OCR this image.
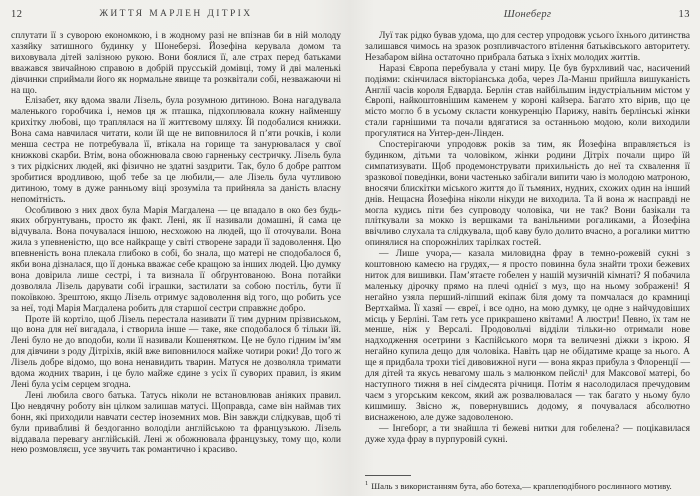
12	ЖИТТЯ МАРЛЕН ДІТРІХ

сплутати її з суворою економкою, і в жодному разі не впізнав би в ній молоду хазяйку затишного будинку у Шонеберзі. Йозефіна керувала домом та виховувала дітей залізною рукою. Вони боялися її, але страх перед батьками вважався звичайною справою в добрій прусській домівці, тому й дві маленькі дівчинки сприймали його як нормальне явище та розквітали собі, незважаючи ні на що.

Елізабет, яку вдома звали Лізель, була розумною дитиною. Вона нагадувала маленького горобчика і, немов ця ж пташка, підхоплювала кожну найменшу крихітку любові, що траплялася на її життєвому шляху. Їй подобалися книжки. Вона сама навчилася читати, коли їй ще не виповнилося й п’яти рочків, і коли менша сестра не потребувала її, втікала на горище та занурювалася у свої книжкові скарби. Втім, вона обожнювала свою гарненьку сестричку. Лізель була з тих рідкісних людей, які фізично не здатні заздрити. Так, було б добре раптом зробитися вродливою, щоб тебе за це любили,— але Лізель була чутливою дитиною, тому в дуже ранньому віці зрозуміла та прийняла за даність власну непомітність.

Особливою з них двох була Марія Магдалена — це впадало в око без будь-яких обґрунтувань, просто як факт. Лені, як її називали домашні, й сама це відчувала. Вона почувалася іншою, несхожою на людей, що її оточували. Вона жила з упевненістю, що все найкраще у світі створене заради її задоволення. Цю впевненість вона плекала глибоко в собі, бо знала, що матері не сподобалося б, якби вона дізналася, що її донька вважає себе кращою за інших людей. Цю думку вона довірила лише сестрі, і та визнала її обґрунтованою. Вона потайки дозволяла Лізель дарувати собі іграшки, застилати за собою постіль, бути її покоївкою. Зрештою, якщо Лізель отримує задоволення від того, що робить усе за неї, тоді Марія Магдалена робить для старшої сестри справжнє добро.

Проте їй кортіло, щоб Лізель перестала називати її тим дурним прізвиськом, що вона для неї вигадала, і створила інше — таке, яке сподобалося б тільки їй. Лені було не до вподоби, коли її називали Кошенятком. Це не було гідним ім’ям для дівчини з роду Дітріхів, якій вже виповнилося майже чотири роки! До того ж Лізель добре відомо, що вона ненавидить тварин. Матуся не дозволяла тримати вдома жодних тварин, і це було майже єдине з усіх її суворих правил, із яким Лені була усім серцем згодна.

Лені любила свого батька. Татусь ніколи не встановлював аніяких правил. Цю невдячну роботу він цілком залишав матусі. Щоправда, саме він наймав тих бонн, які приходили навчати сестер іноземних мов. Він завжди слідкував, щоб ті були привабливі й бездоганно володіли англійською та французькою. Лізель віддавала перевагу англійській. Лені ж обожнювала французьку, тому що, коли нею розмовляєш, усе звучить так романтично і красиво.

Шонеберг	13

Луї так рідко бував удома, що для сестер упродовж усього їхнього дитинства залишався чимось на зразок розпливчастого втілення батьківського авторитету. Незабаром війна остаточно прибрала батька з їхніх молодих життів.

Наразі Європа перебувала у стані миру. Це був бурхливий час, насичений подіями: скінчилася вікторіанська доба, через Ла-Манш прийшла вишуканість Англії часів короля Едварда. Берлін став найбільшим індустріальним містом у Європі, найкоштовнішим каменем у короні кайзера. Багато хто вірив, що це місто могло б в усьому скласти конкуренцію Парижу, навіть берлінські жінки стали гарнішими та почали вдягатися за останньою модою, коли виходили прогулятися на Унтер-ден-Лінден.

Спостерігаючи упродовж років за тим, як Йозефіна вправляється із будинком, дітьми та чоловіком, жінки родини Дітріх почали щиро їй симпатизувати. Щоб продемонструвати прихильність до неї та схвалення її зразкової поведінки, вони частенько забігали випити чаю із молодою матроною, вносячи блискітки міського життя до її тьмяних, нудних, схожих один на інший днів. Нещасна Йозефіна ніколи нікуди не виходила. Та й вона ж насправді не могла кудись піти без супроводу чоловіка, чи не так? Вони базікали та пліткували за мокко із вершками та ванільними рогаликами, а Йозефіна ввічливо слухала та слідкувала, щоб каву було долито вчасно, а рогалики миттю опинялися на спорожнілих тарілках гостей.

— Лише учора,— казала миловидна фрау в темно-рожевій сукні з коштовною камеєю на грудях,— я просто повинна була знайти трохи бежевих ниток для вишивки. Пам’ятаєте гобелен у нашій музичній кімнаті? Я побачила маленьку дірочку прямо на плечі однієї з муз, що на ньому зображені! Я негайно узяла перший-ліпший екіпаж біля дому та помчалася до крамниці Вертхайма. Її хазяї — євреї, і все одно, на мою думку, це одне з найчудовіших місць у Берліні. Там геть усе прикрашено квітами! А люстри! Певно, їх там не менше, ніж у Версалі. Продовольчі відділи тільки-но отримали нове надходження осетрини з Каспійського моря та величезні діжки з ікрою. Я негайно купила дещо для чоловіка. Навіть цар не обідатиме краще за нього. А ще я придбала трохи тієї дивовижної нуги — вона якраз прибула з Флоренції — для дітей та якусь невагому шаль з малюнком пейслі¹ для Максової матері, бо наступного тижня в неї сімдесята річниця. Потім я насолодилася пречудовим чаєм з угорським кексом, який аж розвалювалася — так багато у ньому було кишмишу. Звісно ж, повернувшись додому, я почувалася абсолютно виснаженою, але дуже задоволеною.

— Інгеборг, а ти знайшла ті бежеві нитки для гобелена? — поцікавилася дуже худа фрау в пурпуровій сукні.

$^1$ Шаль з використанням бута, або ботеха,— краплеподібного рослинного мотиву.
